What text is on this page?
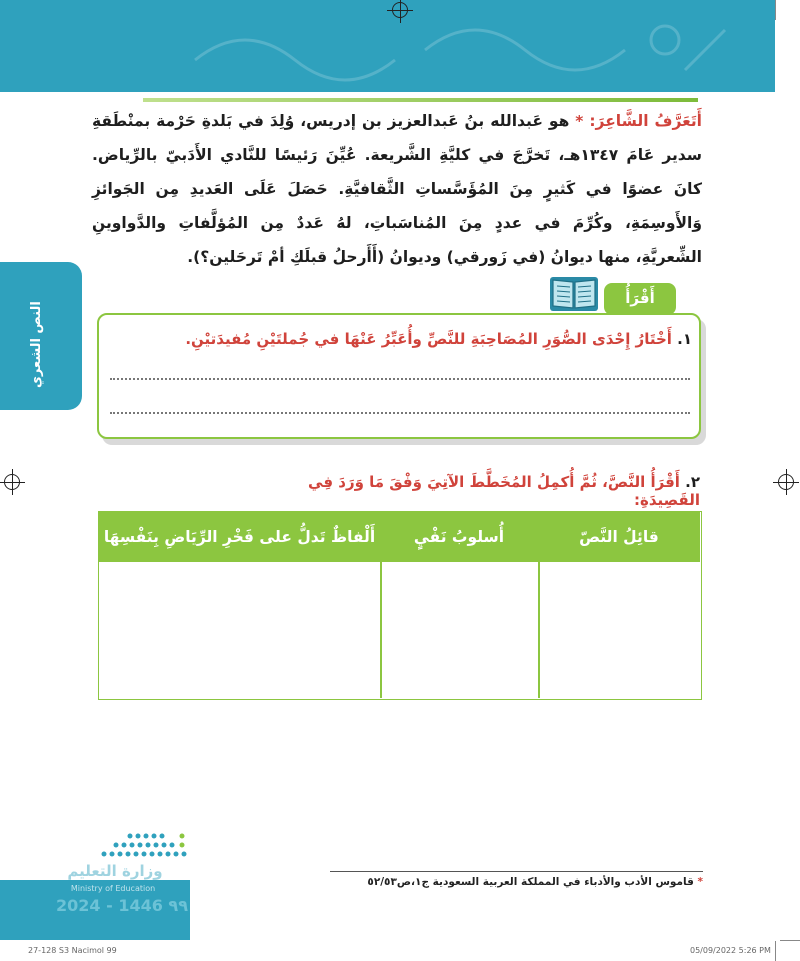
أَتَعَرَّفُ الشَّاعِرَ: * هو عَبدالله بنُ عَبدالعزيز بن إدريس، وُلِدَ في بَلدةِ حَرْمة بمنْطَقةِ سدير عَامَ ١٣٤٧هـ، تَخرَّجَ في كليَّةِ الشَّريعة. عُيِّنَ رَئيسًا للنَّادي الأَدَبيّ بالرِّياض. كانَ عضوًا في كَثيرٍ مِنَ المُؤَسَّساتِ الثَّقافيَّةِ. حَصَلَ عَلَى العَديدِ مِن الجَوائزِ وَالأَوسِمَةِ، وكُرِّمَ في عددٍ مِنَ المُناسَباتِ، لهُ عَددٌ مِن المُؤلَّفاتِ والدَّواوينِ الشِّعريَّةِ، منها ديوانُ (في زَورقي) وديوانُ (أَأَرحلُ قبلَكِ أمْ تَرحَلين؟).
النص الشعري
أَقْرَأُ
١. أَخْتَارُ إِحْدَى الصُّوَرِ المُصَاحِبَةِ للنَّصِّ وأُعَبِّرُ عَنْهَا في جُملتَيْنِ مُفيدَتيْنِ.
٢. أَقْرَأُ النَّصَّ، ثُمَّ أُكمِلُ المُخَطَّطَ الآتِيَ وَفْقَ مَا وَرَدَ فِي القَصِيدَةِ:
قائِلُ النَّصّ
أُسلوبُ نَفْيٍ
أَلْفاظٌ تَدلُّ على فَخْرِ الرِّيَاضِ بِنَفْسِهَا
* قاموس الأدب والأدباء في المملكة العربية السعودية ج١،ص٥٢/٥٣
وزارة التعليم
Ministry of Education
2024 - 1446 ٩٩
27-128 S3 Nacimol 99	05/09/2022 5:26 PM
